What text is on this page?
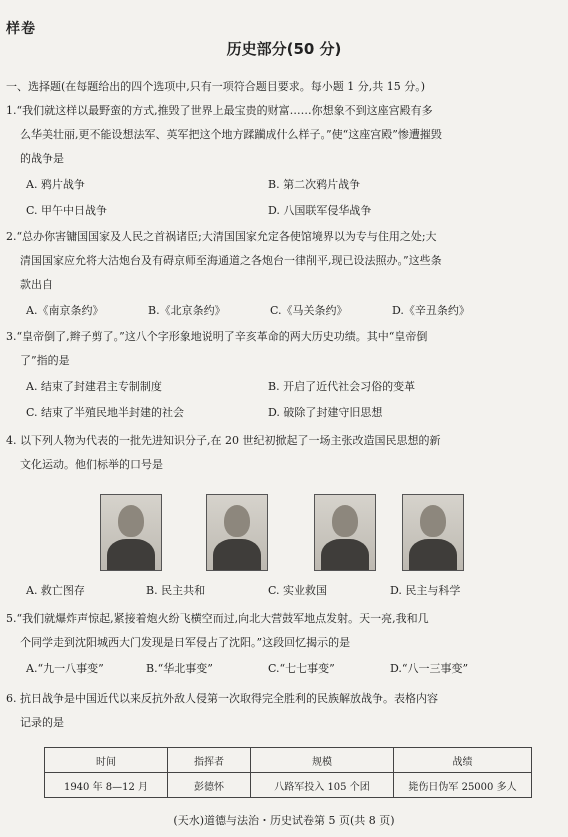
样卷
历史部分(50 分)
一、选择题(在每题给出的四个选项中,只有一项符合题目要求。每小题 1 分,共 15 分。)
1.“我们就这样以最野蛮的方式,推毁了世界上最宝贵的财富……你想象不到这座宫殿有多
么华美壮丽,更不能设想法军、英军把这个地方蹂躏成什么样子。”使“这座宫殿”惨遭摧毁
的战争是
A. 鸦片战争	B. 第二次鸦片战争
C. 甲午中日战争	D. 八国联军侵华战争
2.“总办你害镛国国家及人民之首祸诸臣;大清国国家允定各使馆境界以为专与住用之处;大
清国国家应允将大沽炮台及有碍京师至海通道之各炮台一律削平,现已设法照办。”这些条
款出自
A.《南京条约》	B.《北京条约》	C.《马关条约》	D.《辛丑条约》
3.“皇帝倒了,辫子剪了。”这八个字形象地说明了辛亥革命的两大历史功绩。其中“皇帝倒
了”指的是
A. 结束了封建君主专制制度	B. 开启了近代社会习俗的变革
C. 结束了半殖民地半封建的社会	D. 破除了封建守旧思想
4. 以下列人物为代表的一批先进知识分子,在 20 世纪初掀起了一场主张改造国民思想的新
文化运动。他们标举的口号是
A. 救亡图存	B. 民主共和	C. 实业救国	D. 民主与科学
5.“我们就爆炸声惊起,紧接着炮火纷飞横空而过,向北大营鼓军地点发射。天一亮,我和几
个同学走到沈阳城西大门发现是日军侵占了沈阳。”这段回忆揭示的是
A.“九一八事变”	B.“华北事变”	C.“七七事变”	D.“八一三事变”
6. 抗日战争是中国近代以来反抗外敌人侵第一次取得完全胜利的民族解放战争。表格内容
记录的是
时间	指挥者	规模	战绩
1940 年 8—12 月	彭德怀	八路军投入 105 个团	毙伤日伪军 25000 多人
(天水)道德与法治・历史试卷第 5 页(共 8 页)
